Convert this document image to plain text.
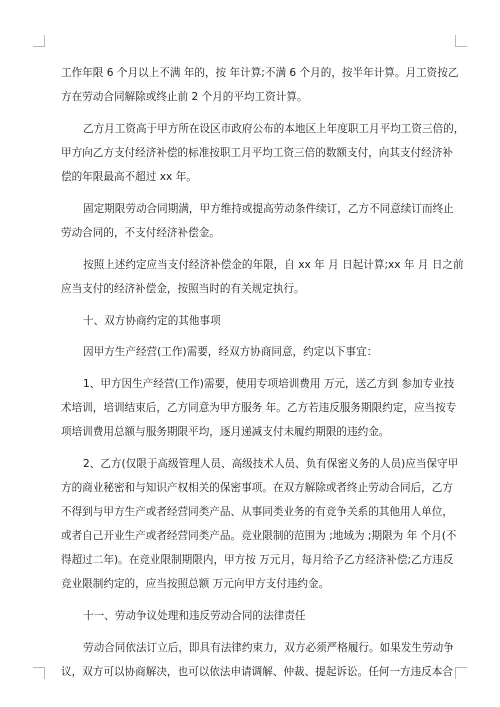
工作年限 6 个月以上不满 年的，按 年计算;不满 6 个月的，按半年计算。月工资按乙
方在劳动合同解除或终止前 2 个月的平均工资计算。
乙方月工资高于甲方所在设区市政府公布的本地区上年度职工月平均工资三倍的，
甲方向乙方支付经济补偿的标准按职工月平均工资三倍的数额支付，向其支付经济补
偿的年限最高不超过 xx 年。
固定期限劳动合同期满，甲方维持或提高劳动条件续订，乙方不同意续订而终止
劳动合同的，不支付经济补偿金。
按照上述约定应当支付经济补偿金的年限，自 xx 年 月 日起计算;xx 年 月 日之前
应当支付的经济补偿金，按照当时的有关规定执行。
十、双方协商约定的其他事项
因甲方生产经营(工作)需要，经双方协商同意，约定以下事宜：
1、甲方因生产经营(工作)需要，使用专项培训费用 万元，送乙方到 参加专业技
术培训，培训结束后，乙方同意为甲方服务 年。乙方若违反服务期限约定，应当按专
项培训费用总额与服务期限平均，逐月递减支付未履约期限的违约金。
2、乙方(仅限于高级管理人员、高级技术人员、负有保密义务的人员)应当保守甲
方的商业秘密和与知识产权相关的保密事项。在双方解除或者终止劳动合同后，乙方
不得到与甲方生产或者经营同类产品、从事同类业务的有竞争关系的其他用人单位，
或者自己开业生产或者经营同类产品。竞业限制的范围为 ;地域为 ;期限为 年 个月(不
得超过二年)。在竞业限制期限内，甲方按 万元月，每月给予乙方经济补偿;乙方违反
竞业限制约定的，应当按照总额 万元向甲方支付违约金。
十一、劳动争议处理和违反劳动合同的法律责任
劳动合同依法订立后，即具有法律约束力，双方必须严格履行。如果发生劳动争
议，双方可以协商解决，也可以依法申请调解、仲裁、提起诉讼。任何一方违反本合
